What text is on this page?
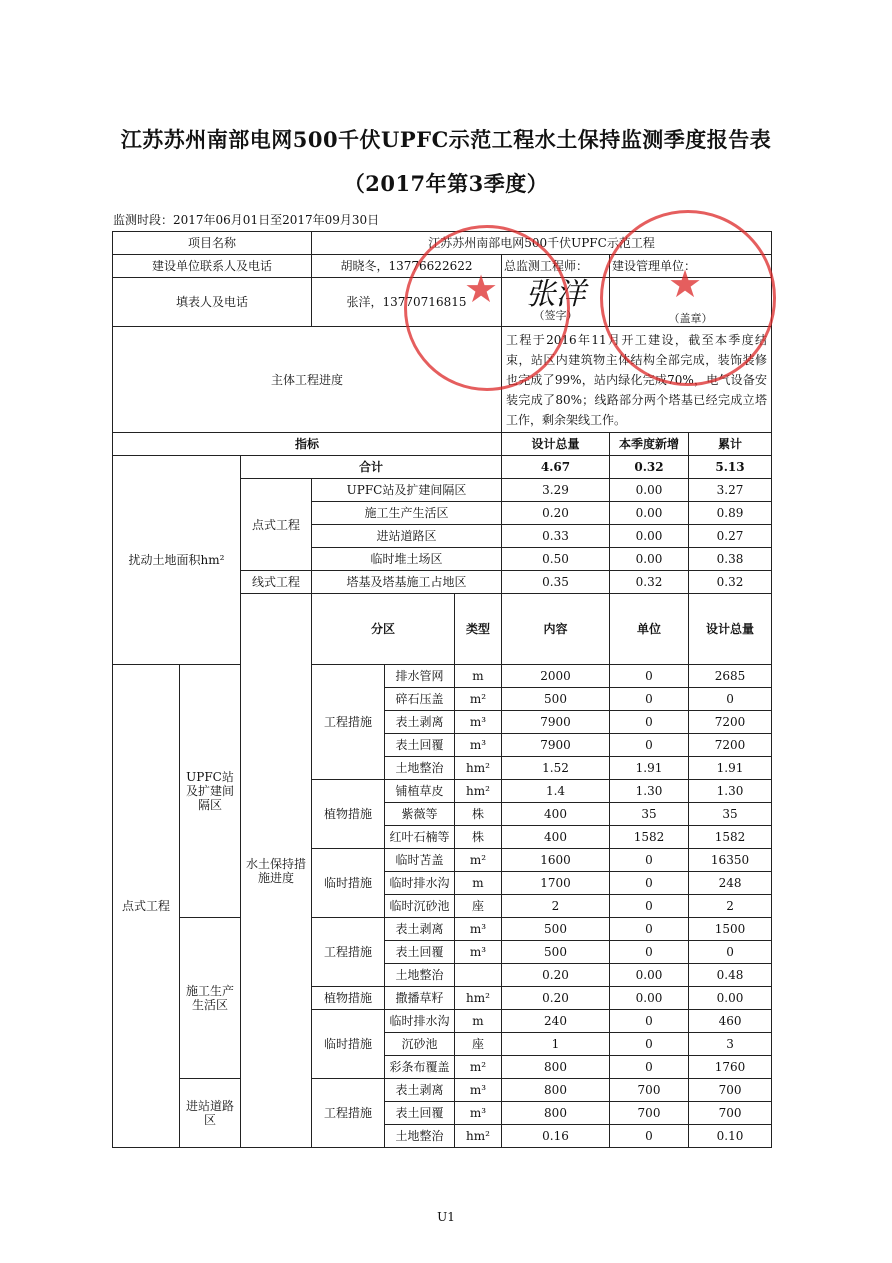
江苏苏州南部电网500千伏UPFC示范工程水土保持监测季度报告表
（2017年第3季度）
监测时段：2017年06月01日至2017年09月30日
项目名称			江苏苏州南部电网500千伏UPFC示范工程						
建设单位联系人及电话			胡晓冬，13776622622			总监测工程师：	建设管理单位：		
填表人及电话			张洋，13770716815			张洋
（签字）	（盖章）		

主体工程进度						工程于2016年11月开工建设，截至本季度结束，站区内建筑物主体结构全部完成，装饰装修也完成了99%，站内绿化完成70%，电气设备安装完成了80%；线路部分两个塔基已经完成立塔工作，剩余架线工作。			
指标						设计总量	本季度新增	累计	
扰动土地面积hm²		合计				4.67	0.32	5.13	
		点式工程	UPFC站及扩建间隔区			3.29	0.00	3.27	
			施工生产生活区			0.20	0.00	0.89	
			进站道路区			0.33	0.00	0.27	
			临时堆土场区			0.50	0.00	0.38	
		线式工程	塔基及塔基施工占地区			0.35	0.32	0.32	
		水土保持措施进度	分区		类型	内容	单位	设计总量		
点式工程	UPFC站及扩建间隔区		工程措施	排水管网	m	2000	0	2685	
				碎石压盖	m²	500	0	0	
				表土剥离	m³	7900	0	7200	
				表土回覆	m³	7900	0	7200	
				土地整治	hm²	1.52	1.91	1.91	
			植物措施	铺植草皮	hm²	1.4	1.30	1.30	
				紫薇等	株	400	35	35	
				红叶石楠等	株	400	1582	1582	
			临时措施	临时苫盖	m²	1600	0	16350	
				临时排水沟	m	1700	0	248	
				临时沉砂池	座	2	0	2	
	施工生产生活区		工程措施	表土剥离	m³	500	0	1500	
				表土回覆	m³	500	0	0	
				土地整治		0.20	0.00	0.48	
			植物措施	撒播草籽	hm²	0.20	0.00	0.00	
			临时措施	临时排水沟	m	240	0	460	
				沉砂池	座	1	0	3	
				彩条布覆盖	m²	800	0	1760	
	进站道路区		工程措施	表土剥离	m³	800	700	700	
				表土回覆	m³	800	700	700	
				土地整治	hm²	0.16	0	0.10	
★	★
U1
